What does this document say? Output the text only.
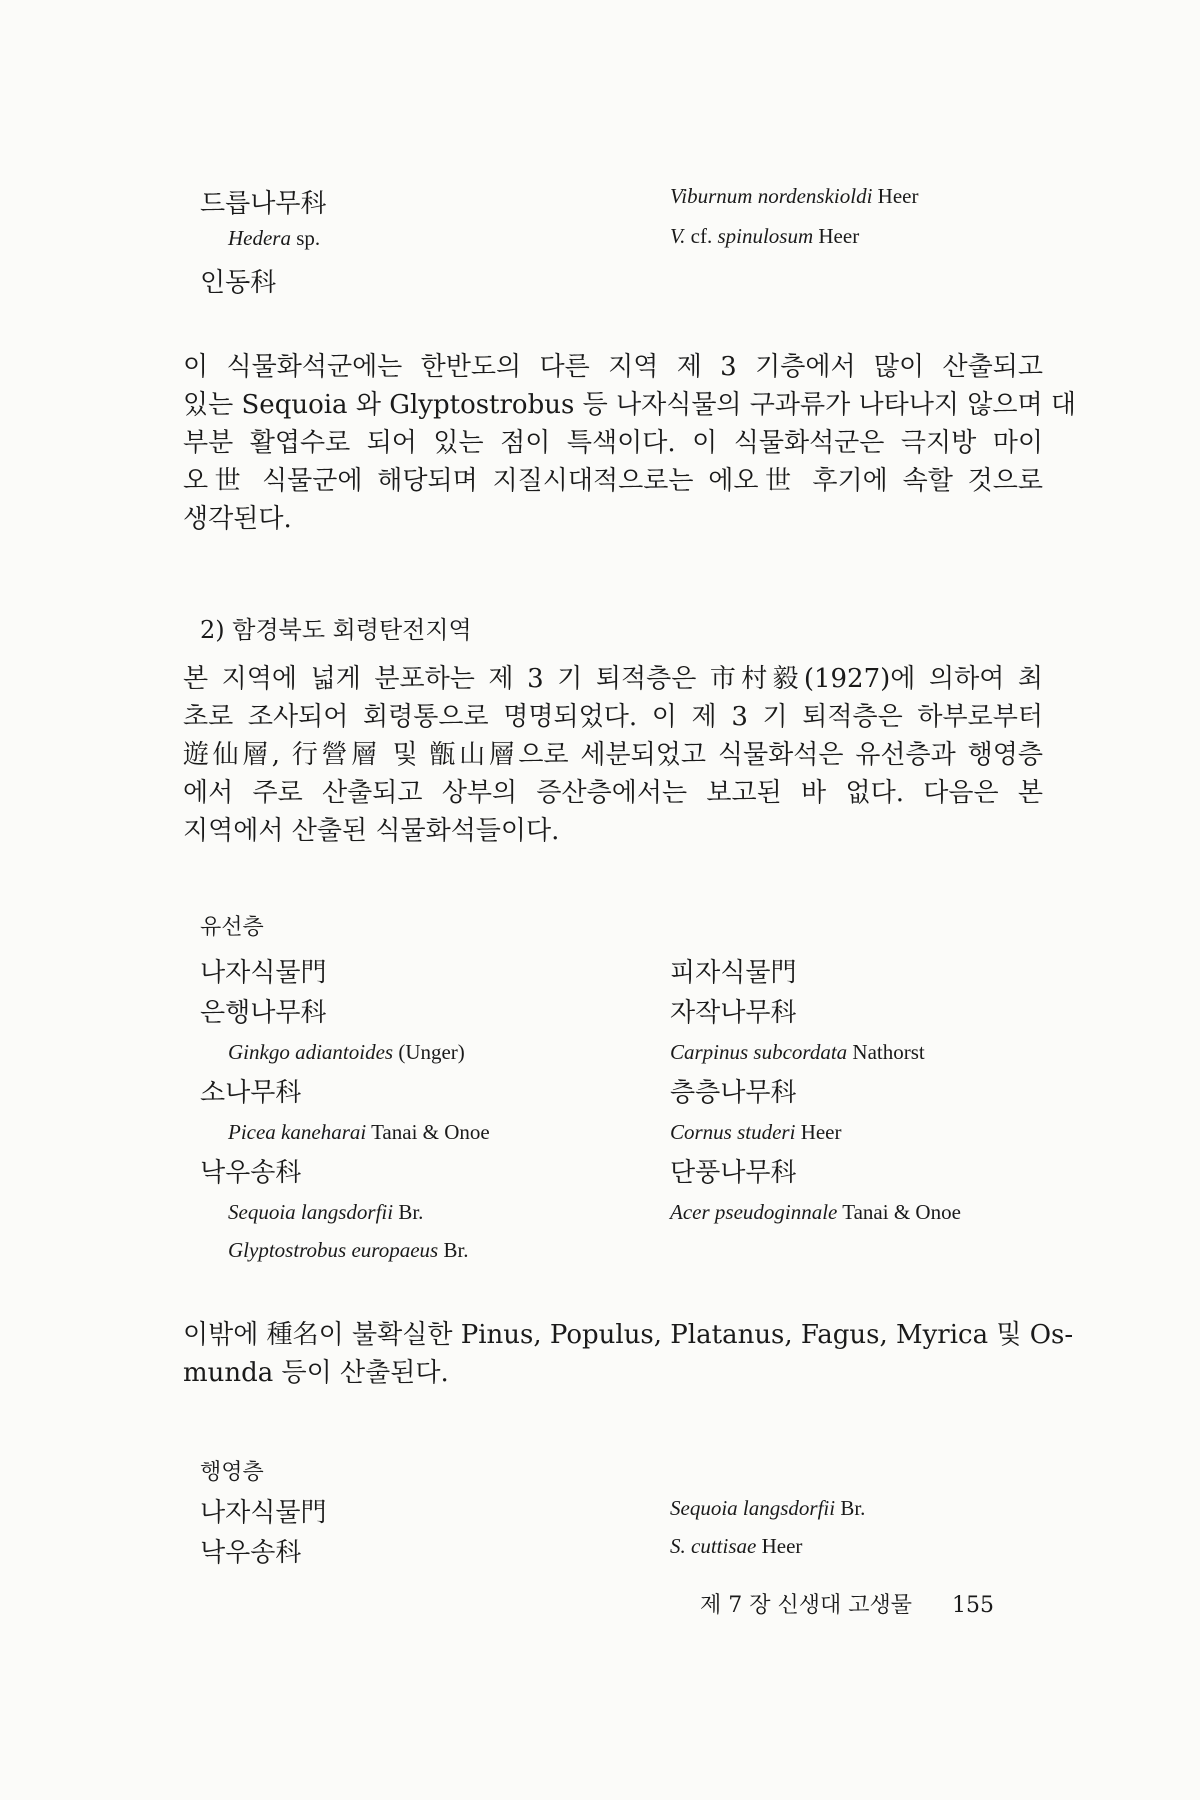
드릅나무科
Hedera sp.
인동科
Viburnum nordenskioldi Heer
V. cf. spinulosum Heer
이 식물화석군에는 한반도의 다른 지역 제 3 기층에서 많이 산출되고
있는 Sequoia 와 Glyptostrobus 등 나자식물의 구과류가 나타나지 않으며 대
부분 활엽수로 되어 있는 점이 특색이다. 이 식물화석군은 극지방 마이
오世 식물군에 해당되며 지질시대적으로는 에오世 후기에 속할 것으로
생각된다.
2) 함경북도 회령탄전지역
본 지역에 넓게 분포하는 제 3 기 퇴적층은 市村毅(1927)에 의하여 최
초로 조사되어 회령통으로 명명되었다. 이 제 3 기 퇴적층은 하부로부터
遊仙層, 行營層 및 甑山層으로 세분되었고 식물화석은 유선층과 행영층
에서 주로 산출되고 상부의 증산층에서는 보고된 바 없다. 다음은 본
지역에서 산출된 식물화석들이다.
유선층
나자식물門
은행나무科
Ginkgo adiantoides (Unger)
소나무科
Picea kaneharai Tanai & Onoe
낙우송科
Sequoia langsdorfii Br.
Glyptostrobus europaeus Br.
피자식물門
자작나무科
Carpinus subcordata Nathorst
층층나무科
Cornus studeri Heer
단풍나무科
Acer pseudoginnale Tanai & Onoe
이밖에 種名이 불확실한 Pinus, Populus, Platanus, Fagus, Myrica 및 Os-
munda 등이 산출된다.
행영층
나자식물門
낙우송科
Sequoia langsdorfii Br.
S. cuttisae Heer
제 7 장 신생대 고생물 155
